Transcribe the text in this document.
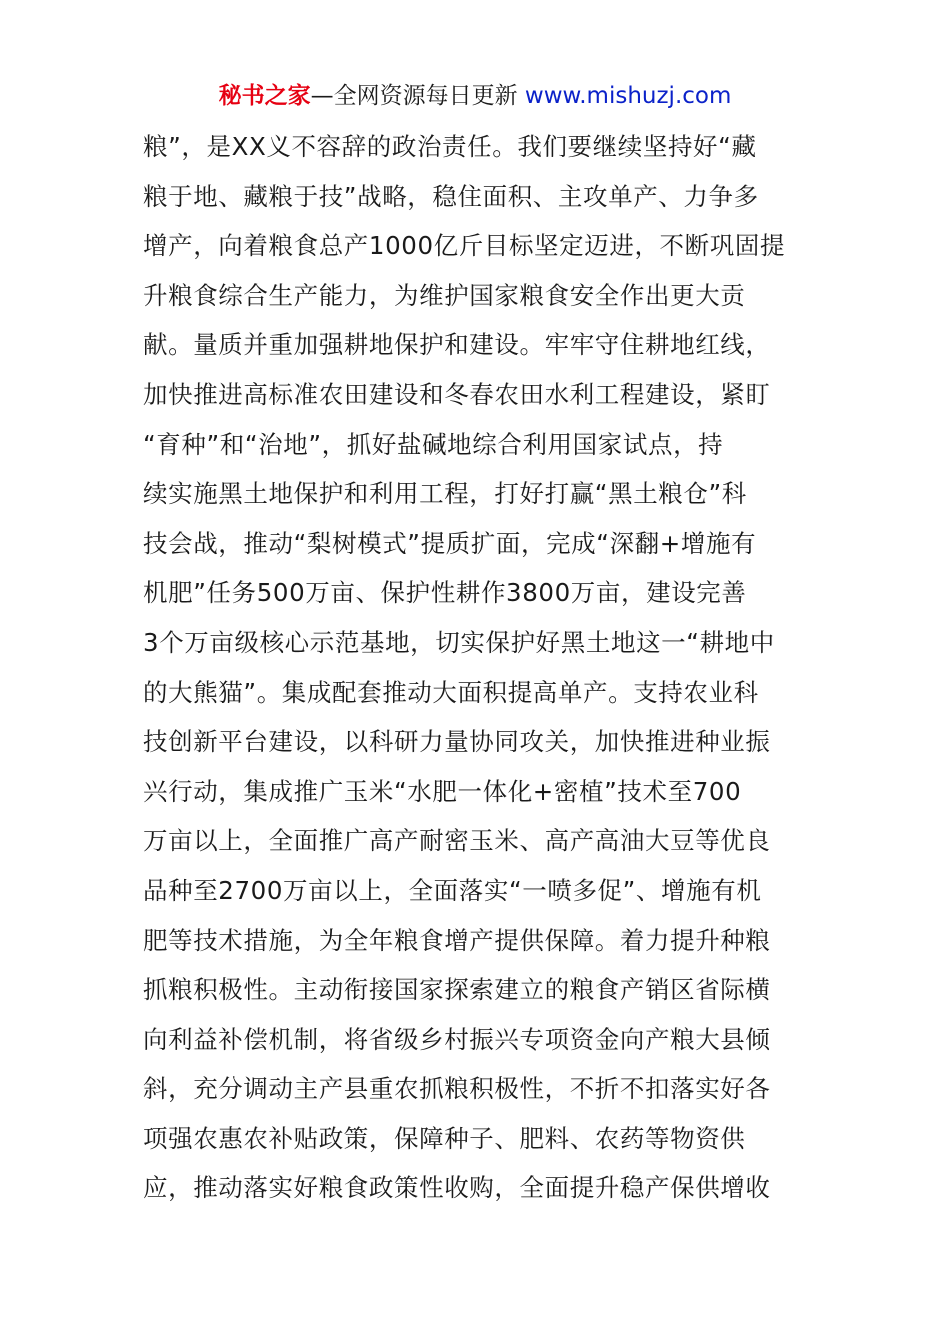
秘书之家—全网资源每日更新 www.mishuzj.com
粮”，是XX义不容辞的政治责任。我们要继续坚持好“藏
粮于地、藏粮于技”战略，稳住面积、主攻单产、力争多
增产，向着粮食总产1000亿斤目标坚定迈进，不断巩固提
升粮食综合生产能力，为维护国家粮食安全作出更大贡
献。量质并重加强耕地保护和建设。牢牢守住耕地红线，
加快推进高标准农田建设和冬春农田水利工程建设，紧盯
“育种”和“治地”，抓好盐碱地综合利用国家试点，持
续实施黑土地保护和利用工程，打好打赢“黑土粮仓”科
技会战，推动“梨树模式”提质扩面，完成“深翻+增施有
机肥”任务500万亩、保护性耕作3800万亩，建设完善
3个万亩级核心示范基地，切实保护好黑土地这一“耕地中
的大熊猫”。集成配套推动大面积提高单产。支持农业科
技创新平台建设，以科研力量协同攻关，加快推进种业振
兴行动，集成推广玉米“水肥一体化+密植”技术至700
万亩以上，全面推广高产耐密玉米、高产高油大豆等优良
品种至2700万亩以上，全面落实“一喷多促”、增施有机
肥等技术措施，为全年粮食增产提供保障。着力提升种粮
抓粮积极性。主动衔接国家探索建立的粮食产销区省际横
向利益补偿机制，将省级乡村振兴专项资金向产粮大县倾
斜，充分调动主产县重农抓粮积极性，不折不扣落实好各
项强农惠农补贴政策，保障种子、肥料、农药等物资供
应，推动落实好粮食政策性收购，全面提升稳产保供增收
